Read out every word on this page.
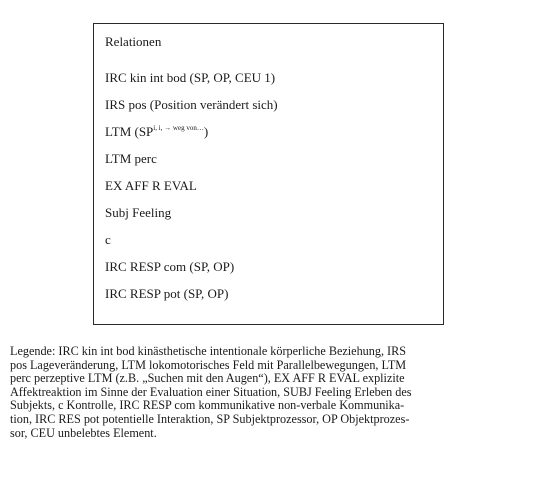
Relationen
IRC kin int bod (SP, OP, CEU 1)
IRS pos (Position verändert sich)
LTM $(SP^{i, i, \to weg von\dots})$
LTM perc
EX AFF R EVAL
Subj Feeling
c
IRC RESP com (SP, OP)
IRC RESP pot (SP, OP)
Legende: IRC kin int bod kinästhetische intentionale körperliche Beziehung, IRS
pos Lageveränderung, LTM lokomotorisches Feld mit Parallelbewegungen, LTM
perc perzeptive LTM (z.B. „Suchen mit den Augen“), EX AFF R EVAL explizite
Affektreaktion im Sinne der Evaluation einer Situation, SUBJ Feeling Erleben des
Subjekts, c Kontrolle, IRC RESP com kommunikative non-verbale Kommunika-
tion, IRC RES pot potentielle Interaktion, SP Subjektprozessor, OP Objektprozes-
sor, CEU unbelebtes Element.
